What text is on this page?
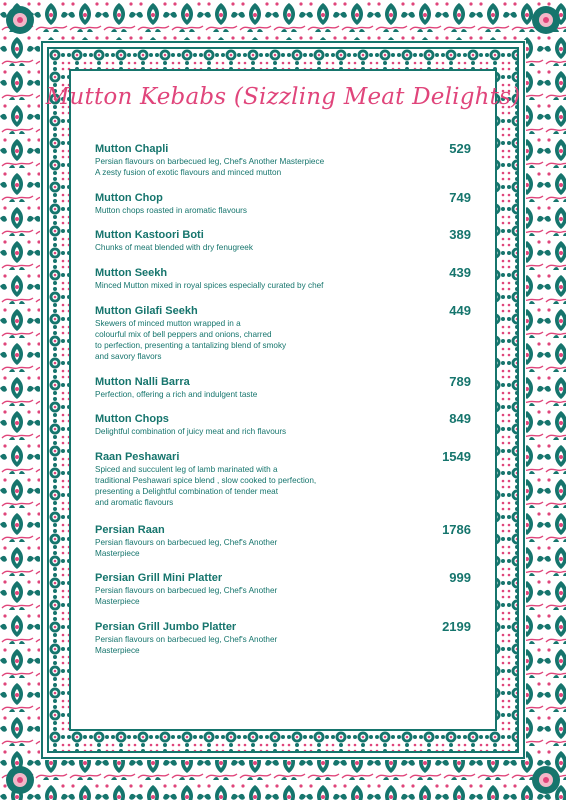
Mutton Kebabs (Sizzling Meat Delights)

Mutton Chapli

Persian flavours on barbecued leg, Chef's Another Masterpiece
A zesty fusion of exotic flavours and minced mutton

529

Mutton Chop

Mutton chops roasted in aromatic flavours

749

Mutton Kastoori Boti

Chunks of meat blended with dry fenugreek

389

Mutton Seekh

Minced Mutton mixed in royal spices especially curated by chef

439

Mutton Gilafi Seekh

Skewers of minced mutton wrapped in a
colourful mix of bell peppers and onions, charred
to perfection, presenting a tantalizing blend of smoky
and savory flavors

449

Mutton Nalli Barra

Perfection, offering a rich and indulgent taste

789

Mutton Chops

Delightful combination of juicy meat and rich flavours

849

Raan Peshawari

Spiced and succulent leg of lamb marinated with a
traditional Peshawari spice blend , slow cooked to perfection,
presenting a Delightful combination of tender meat
and aromatic flavours

1549

Persian Raan

Persian flavours on barbecued leg, Chef's Another
Masterpiece

1786

Persian Grill Mini Platter

Persian flavours on barbecued leg, Chef's Another
Masterpiece

999

Persian Grill Jumbo Platter

Persian flavours on barbecued leg, Chef's Another
Masterpiece

2199
